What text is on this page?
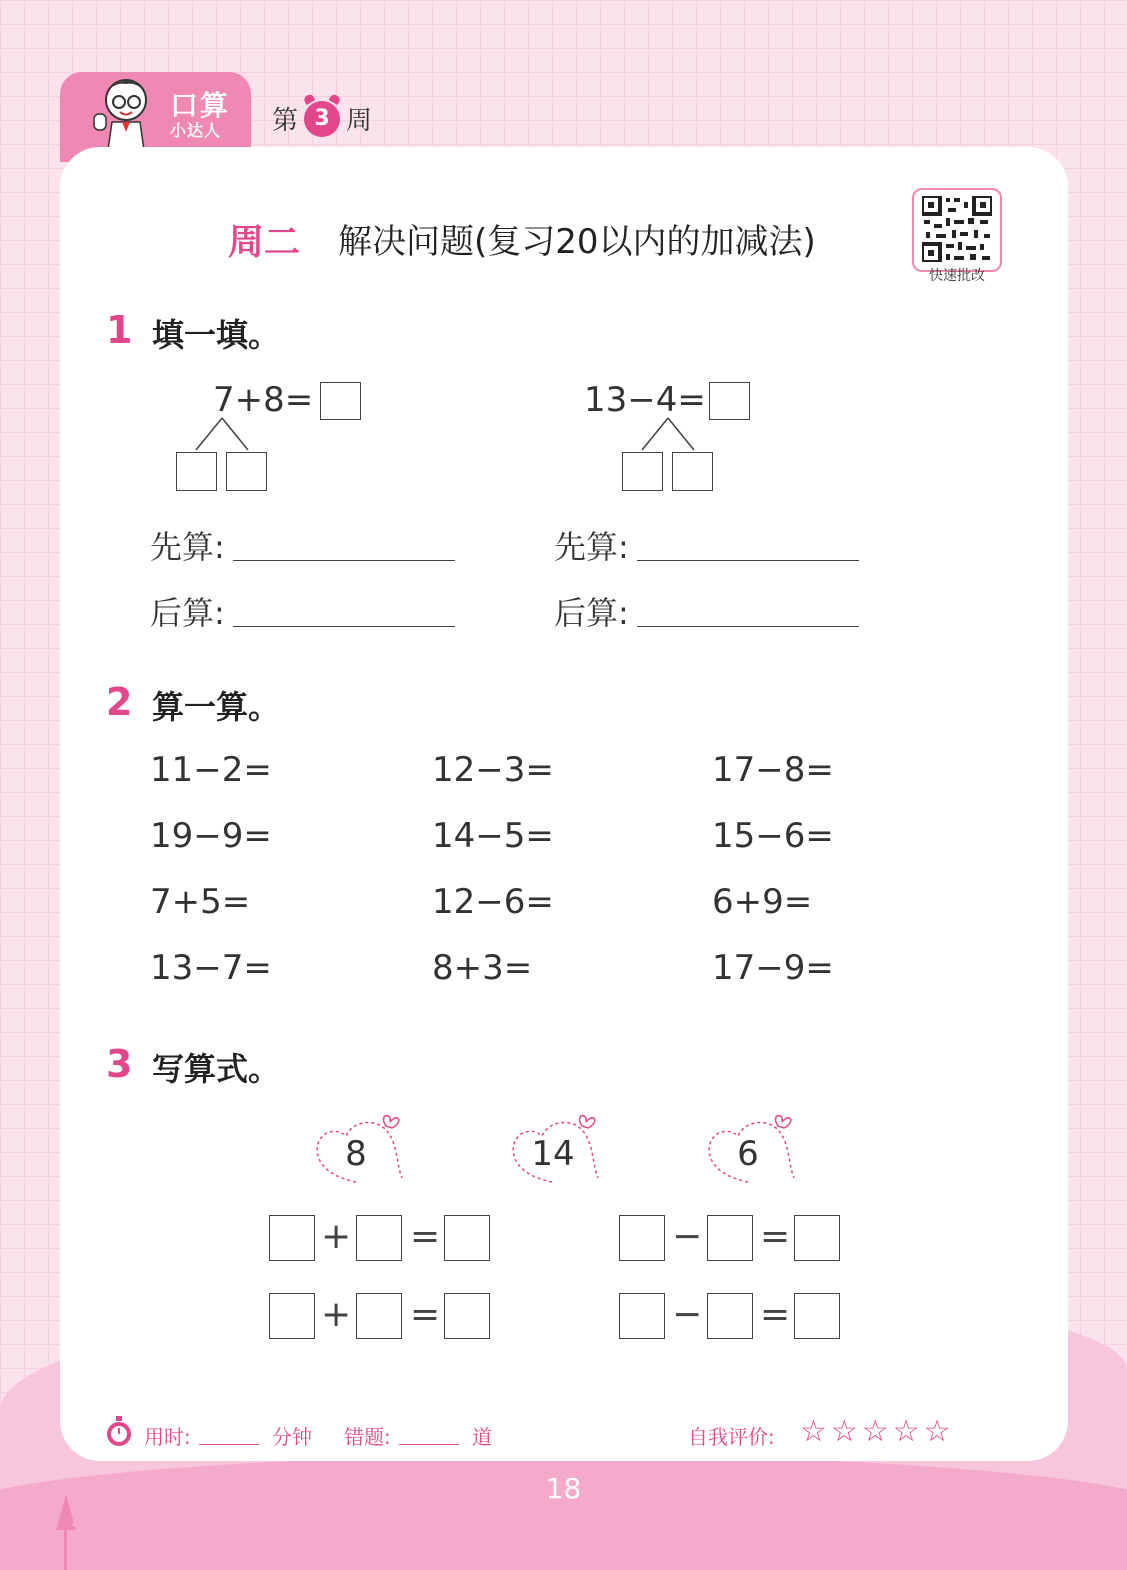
口算
小达人 第 3 周
周二 解决问题(复习20以内的加减法)
快速批改
1 填一填。
7+8=	13−4=
先算:
后算:
先算:
后算:
2 算一算。
11−2=	12−3=	17−8=
19−9=	14−5=	15−6=
7+5=	12−6=	6+9=
13−7=	8+3=	17−9=
3 写算式。
8	14	6
+ =
+ =
− =
− =
用时:	分钟 错题:	道	自我评价: ☆☆☆☆☆
18
